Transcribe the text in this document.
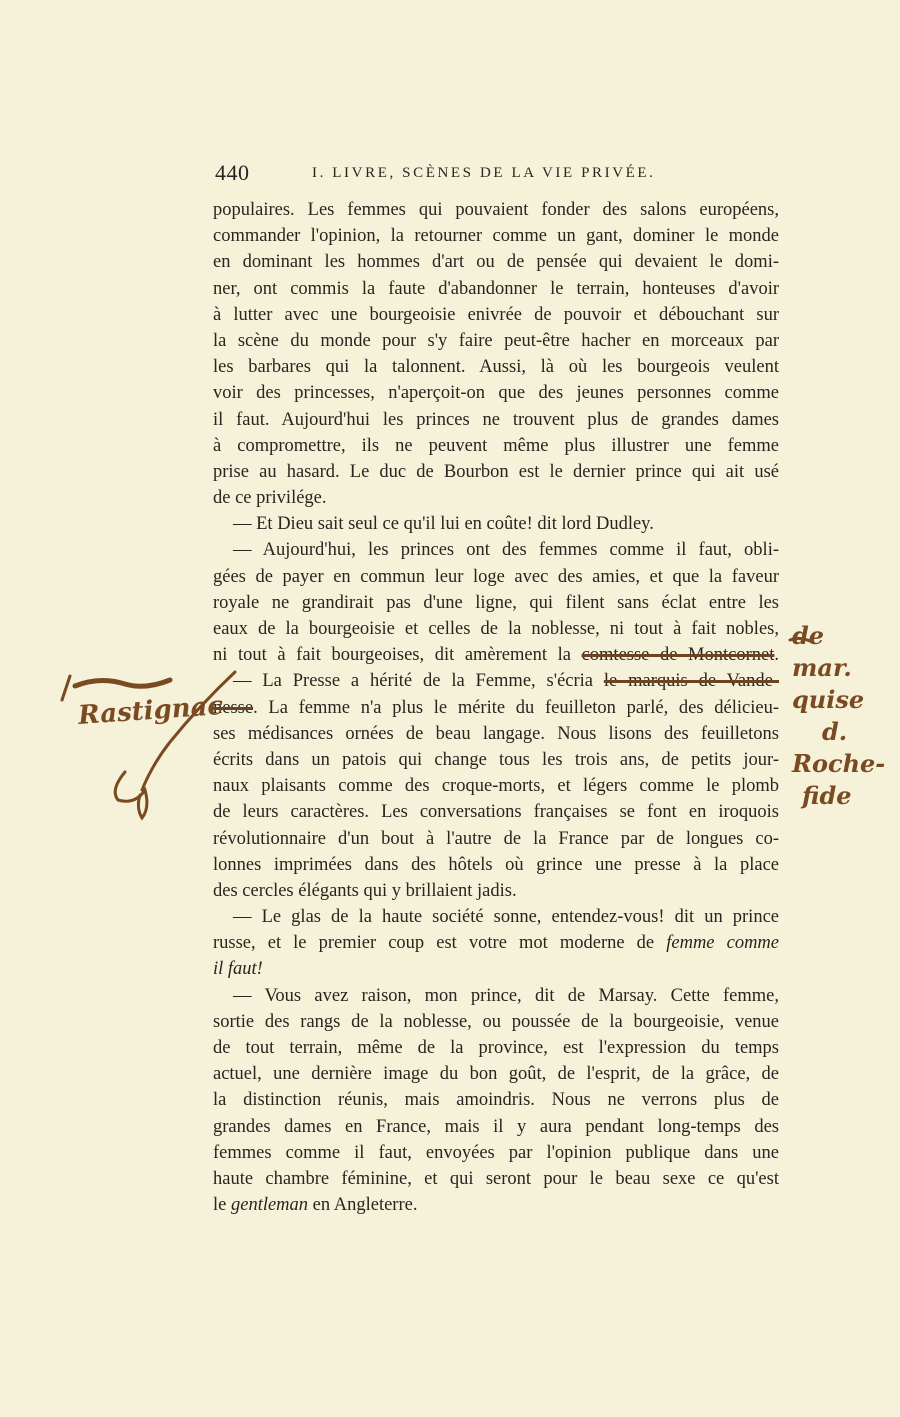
440	I. LIVRE, SCÈNES DE LA VIE PRIVÉE.
populaires. Les femmes qui pouvaient fonder des salons européens,
commander l'opinion, la retourner comme un gant, dominer le monde
en dominant les hommes d'art ou de pensée qui devaient le domi-
ner, ont commis la faute d'abandonner le terrain, honteuses d'avoir
à lutter avec une bourgeoisie enivrée de pouvoir et débouchant sur
la scène du monde pour s'y faire peut-être hacher en morceaux par
les barbares qui la talonnent. Aussi, là où les bourgeois veulent
voir des princesses, n'aperçoit-on que des jeunes personnes comme
il faut. Aujourd'hui les princes ne trouvent plus de grandes dames
à compromettre, ils ne peuvent même plus illustrer une femme
prise au hasard. Le duc de Bourbon est le dernier prince qui ait usé
de ce privilége.
— Et Dieu sait seul ce qu'il lui en coûte! dit lord Dudley.
— Aujourd'hui, les princes ont des femmes comme il faut, obli-
gées de payer en commun leur loge avec des amies, et que la faveur
royale ne grandirait pas d'une ligne, qui filent sans éclat entre les
eaux de la bourgeoisie et celles de la noblesse, ni tout à fait nobles,
ni tout à fait bourgeoises, dit amèrement la comtesse de Montcornet.
— La Presse a hérité de la Femme, s'écria le marquis de Vande-
nesse. La femme n'a plus le mérite du feuilleton parlé, des délicieu-
ses médisances ornées de beau langage. Nous lisons des feuilletons
écrits dans un patois qui change tous les trois ans, de petits jour-
naux plaisants comme des croque-morts, et légers comme le plomb
de leurs caractères. Les conversations françaises se font en iroquois
révolutionnaire d'un bout à l'autre de la France par de longues co-
lonnes imprimées dans des hôtels où grince une presse à la place
des cercles élégants qui y brillaient jadis.
— Le glas de la haute société sonne, entendez-vous! dit un prince
russe, et le premier coup est votre mot moderne de femme comme
il faut!
— Vous avez raison, mon prince, dit de Marsay. Cette femme,
sortie des rangs de la noblesse, ou poussée de la bourgeoisie, venue
de tout terrain, même de la province, est l'expression du temps
actuel, une dernière image du bon goût, de l'esprit, de la grâce, de
la distinction réunis, mais amoindris. Nous ne verrons plus de
grandes dames en France, mais il y aura pendant long-temps des
femmes comme il faut, envoyées par l'opinion publique dans une
haute chambre féminine, et qui seront pour le beau sexe ce qu'est
le gentleman en Angleterre.
Rastignac
de
mar.
quise
d.
Roche-
fide
